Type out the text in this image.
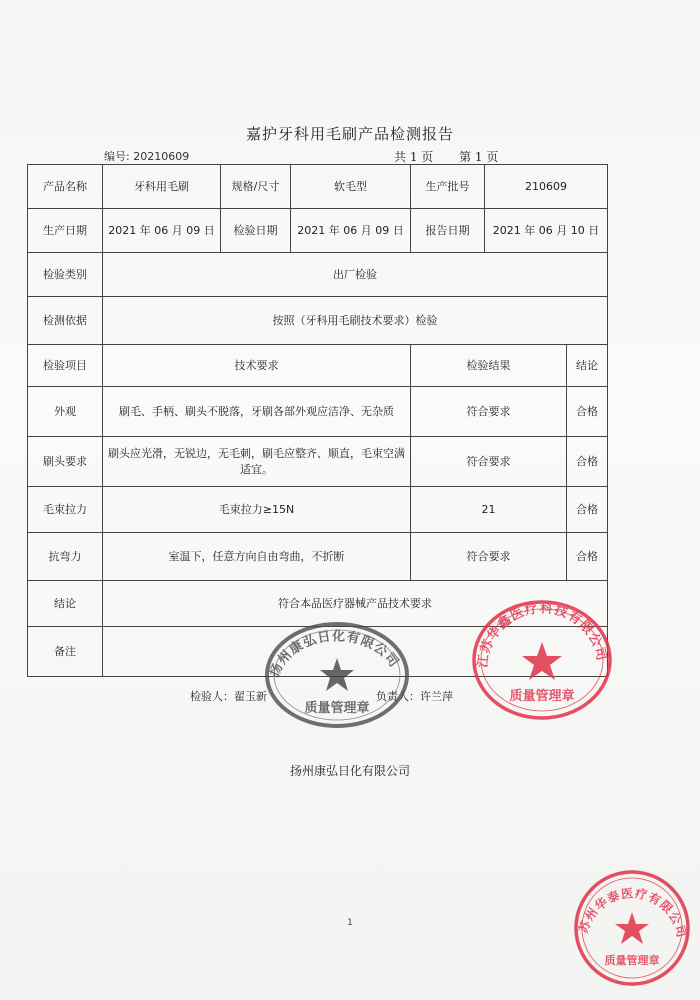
嘉护牙科用毛刷产品检测报告
编号: 20210609	共 1 页 第 1 页
产品名称	牙科用毛刷	规格/尺寸	软毛型	生产批号	210609	
生产日期	2021 年 06 月 09 日	检验日期	2021 年 06 月 09 日	报告日期	2021 年 06 月 10 日	
检验类别	出厂检验					
检测依据	按照（牙科用毛刷技术要求）检验					
检验项目	技术要求			检验结果		结论
外观	刷毛、手柄、刷头不脱落，牙刷各部外观应洁净、无杂质			符合要求		合格
刷头要求	刷头应光滑，无锐边，无毛刺，刷毛应整齐、顺直，毛束空满适宜。			符合要求		合格
毛束拉力	毛束拉力≥15N			21		合格
抗弯力	室温下，任意方向自由弯曲，不折断			符合要求		合格
结论	符合本品医疗器械产品技术要求					
备注						
检验人：翟玉新	负责人：许兰萍
扬州康弘日化有限公司
1
扬州康弘日化有限公司
质量管理章
江苏华鑫医疗科技有限公司
质量管理章
苏州华泰医疗有限公司
质量管理章
